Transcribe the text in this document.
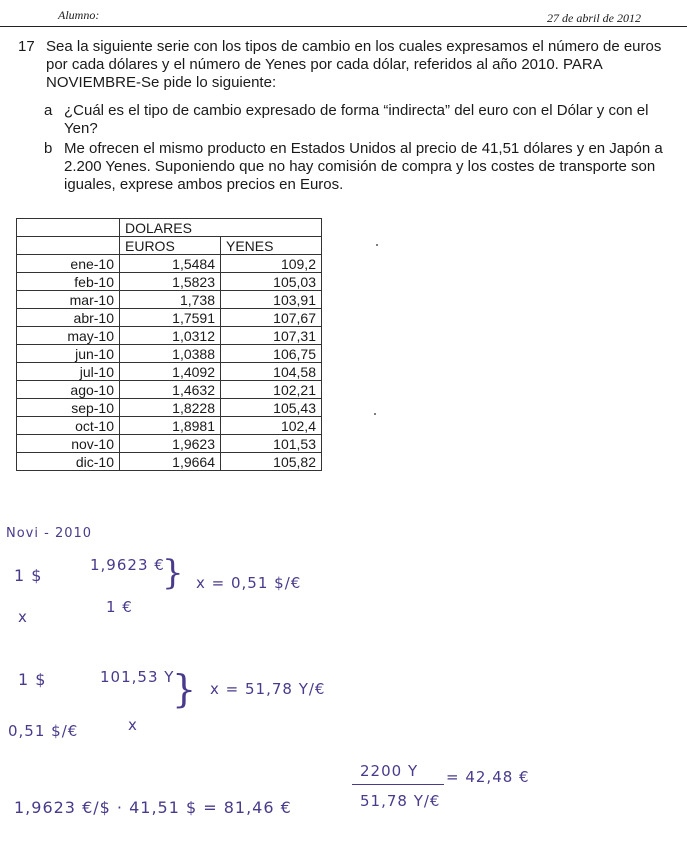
Alumno:	27 de abril de 2012
17 Sea la siguiente serie con los tipos de cambio en los cuales expresamos el número de euros por cada dólares y el número de Yenes por cada dólar, referidos al año 2010. PARA NOVIEMBRE-Se pide lo siguiente:
a ¿Cuál es el tipo de cambio expresado de forma “indirecta” del euro con el Dólar y con el Yen?
b Me ofrecen el mismo producto en Estados Unidos al precio de 41,51 dólares y en Japón a 2.200 Yenes. Suponiendo que no hay comisión de compra y los costes de transporte son iguales, exprese ambos precios en Euros.
	DOLARES	
	EUROS	YENES
ene-10	1,5484	109,2
feb-10	1,5823	105,03
mar-10	1,738	103,91
abr-10	1,7591	107,67
may-10	1,0312	107,31
jun-10	1,0388	106,75
jul-10	1,4092	104,58
ago-10	1,4632	102,21
sep-10	1,8228	105,43
oct-10	1,8981	102,4
nov-10	1,9623	101,53
dic-10	1,9664	105,82
Novi - 2010
1 $
1,9623 €
} x = 0,51 $/€
x
1 €
1 $	101,53 Y
} x = 51,78 Y/€
0,51 $/€	x
1,9623 €/$ · 41,51 $ = 81,46 €
2200 Y
51,78 Y/€
= 42,48 €
